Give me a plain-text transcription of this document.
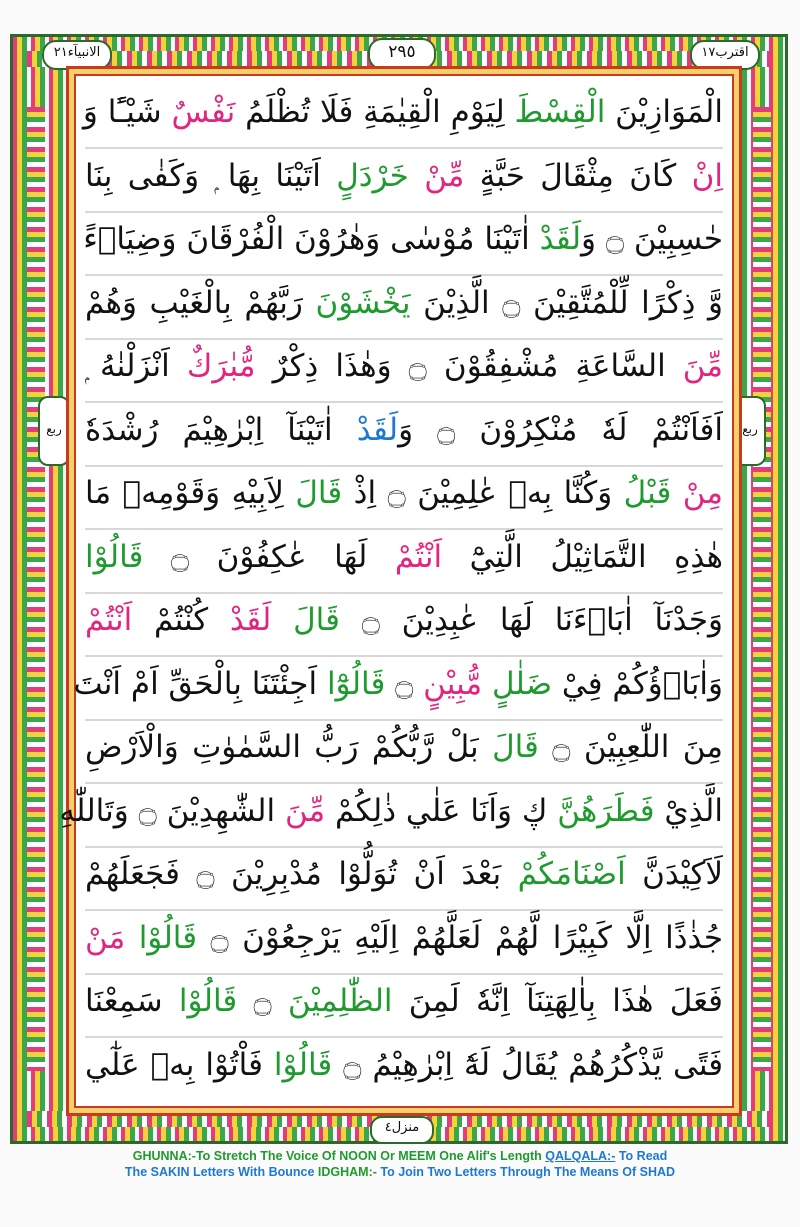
الانبیآء٢١	٢٩٥	اقترب١٧
ربع	ربع
الْمَوَازِيْنَ الْقِسْطَ لِيَوْمِ الْقِيٰمَةِ فَلَا تُظْلَمُ نَفْسٌ شَيْـًٔا وَ
اِنْ كَانَ مِثْقَالَ حَبَّةٍ مِّنْ خَرْدَلٍ اَتَيْنَا بِهَا ۭ وَكَفٰى بِنَا
حٰسِبِيْنَ ۝ وَلَقَدْ اٰتَيْنَا مُوْسٰى وَهٰرُوْنَ الْفُرْقَانَ وَضِيَاۗءً
وَّ ذِكْرًا لِّلْمُتَّقِيْنَ ۝ الَّذِيْنَ يَخْشَوْنَ رَبَّهُمْ بِالْغَيْبِ وَهُمْ
مِّنَ السَّاعَةِ مُشْفِقُوْنَ ۝ وَهٰذَا ذِكْرٌ مُّبٰرَكٌ اَنْزَلْنٰهُ ۭ
اَفَاَنْتُمْ لَهٗ مُنْكِرُوْنَ ۝ وَلَقَدْ اٰتَيْنَآ اِبْرٰهِيْمَ رُشْدَهٗ
مِنْ قَبْلُ وَكُنَّا بِهٖ عٰلِمِيْنَ ۝ اِذْ قَالَ لِاَبِيْهِ وَقَوْمِهٖ مَا
هٰذِهِ التَّمَاثِيْلُ الَّتِيْٓ اَنْتُمْ لَهَا عٰكِفُوْنَ ۝ قَالُوْا
وَجَدْنَآ اٰبَاۗءَنَا لَهَا عٰبِدِيْنَ ۝ قَالَ لَقَدْ كُنْتُمْ اَنْتُمْ
وَاٰبَاۗؤُكُمْ فِيْ ضَلٰلٍ مُّبِيْنٍ ۝ قَالُوْٓا اَجِئْتَنَا بِالْحَقِّ اَمْ اَنْتَ
مِنَ اللّٰعِبِيْنَ ۝ قَالَ بَلْ رَّبُّكُمْ رَبُّ السَّمٰوٰتِ وَالْاَرْضِ
الَّذِيْ فَطَرَهُنَّ ڮ وَاَنَا عَلٰي ذٰلِكُمْ مِّنَ الشّٰهِدِيْنَ ۝ وَتَاللّٰهِ
لَاَكِيْدَنَّ اَصْنَامَكُمْ بَعْدَ اَنْ تُوَلُّوْا مُدْبِرِيْنَ ۝ فَجَعَلَهُمْ
جُذٰذًا اِلَّا كَبِيْرًا لَّهُمْ لَعَلَّهُمْ اِلَيْهِ يَرْجِعُوْنَ ۝ قَالُوْا مَنْ
فَعَلَ هٰذَا بِاٰلِهَتِنَآ اِنَّهٗ لَمِنَ الظّٰلِمِيْنَ ۝ قَالُوْا سَمِعْنَا
فَتًى يَّذْكُرُهُمْ يُقَالُ لَهٗٓ اِبْرٰهِيْمُ ۝ قَالُوْا فَاْتُوْا بِهٖ عَلٰٓي
منزل٤
GHUNNA:-To Stretch The Voice Of NOON Or MEEM One Alif's Length QALQALA:- To Read
The SAKIN Letters With Bounce IDGHAM:- To Join Two Letters Through The Means Of SHAD
